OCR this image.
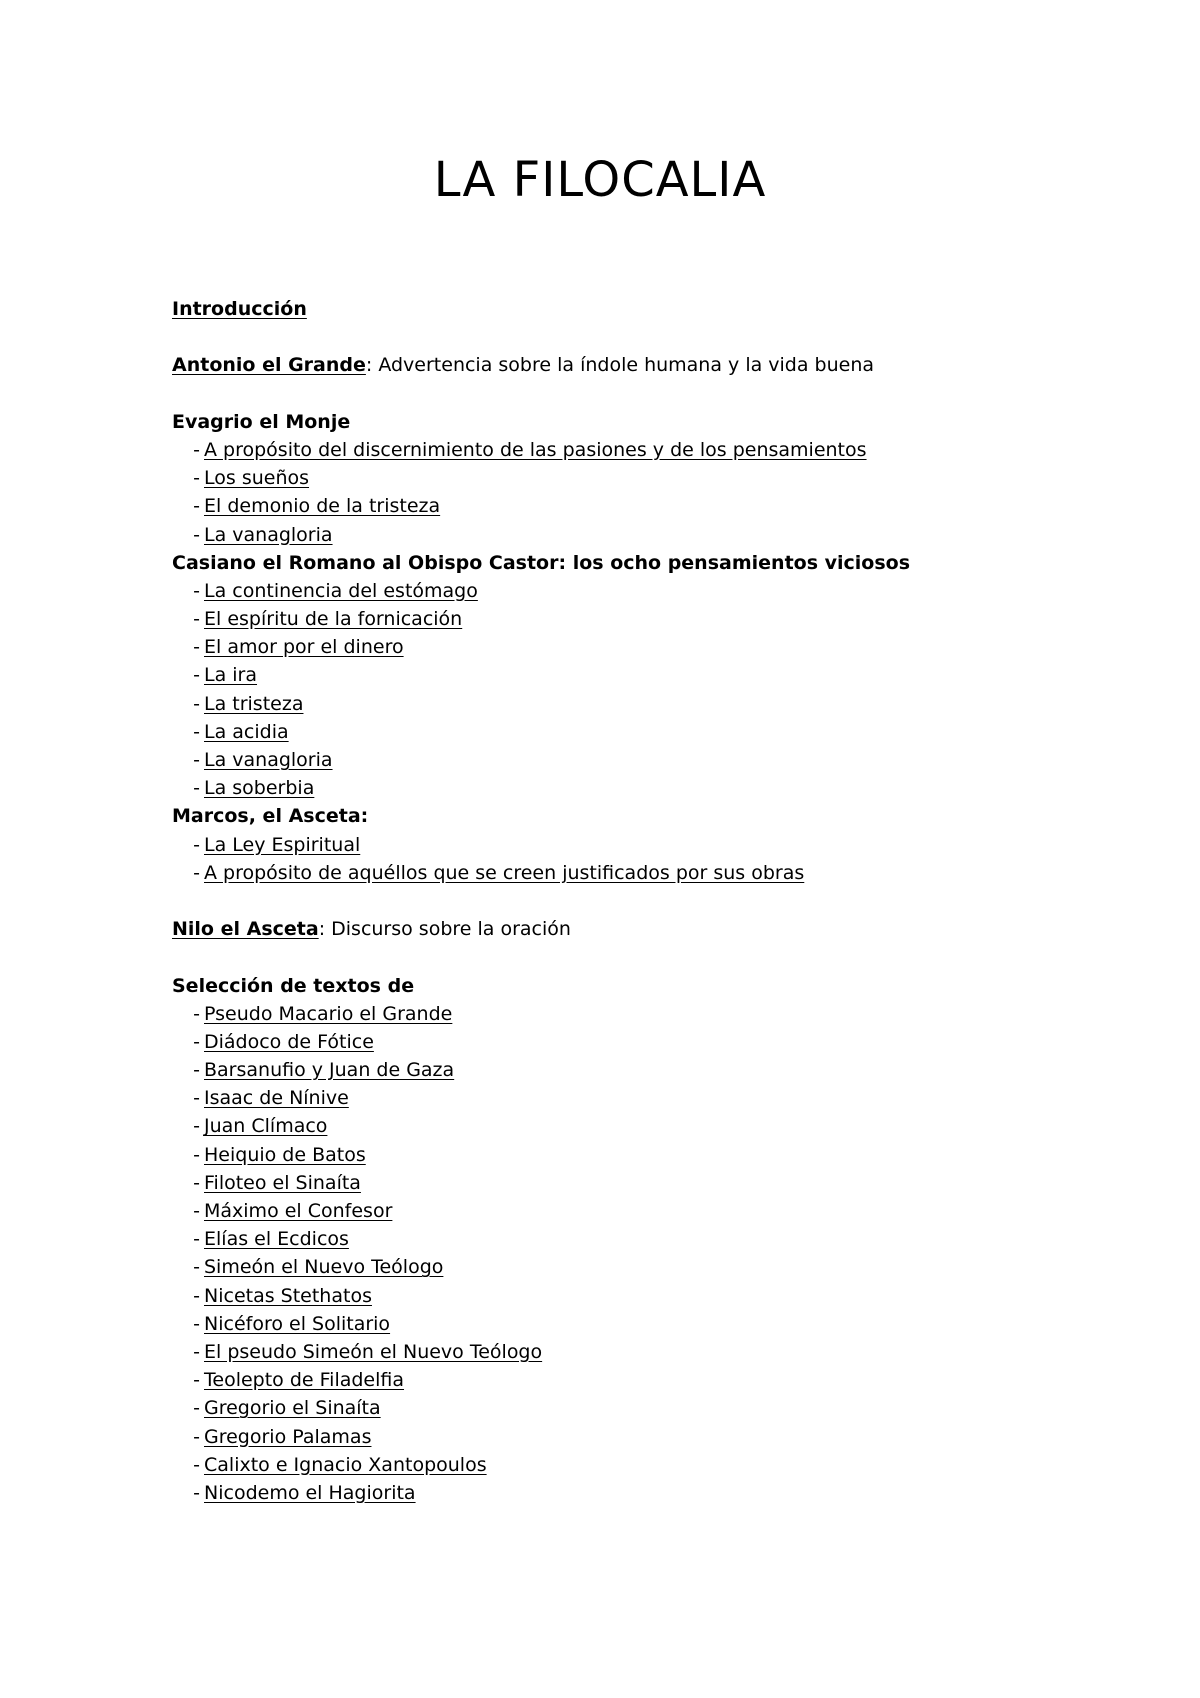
LA FILOCALIA
Introducción
Antonio el Grande: Advertencia sobre la índole humana y la vida buena
Evagrio el Monje
- A propósito del discernimiento de las pasiones y de los pensamientos
- Los sueños
- El demonio de la tristeza
- La vanagloria
Casiano el Romano al Obispo Castor: los ocho pensamientos viciosos
- La continencia del estómago
- El espíritu de la fornicación
- El amor por el dinero
- La ira
- La tristeza
- La acidia
- La vanagloria
- La soberbia
Marcos, el Asceta:
- La Ley Espiritual
- A propósito de aquéllos que se creen justificados por sus obras
Nilo el Asceta: Discurso sobre la oración
Selección de textos de
- Pseudo Macario el Grande
- Diádoco de Fótice
- Barsanufio y Juan de Gaza
- Isaac de Nínive
- Juan Clímaco
- Heiquio de Batos
- Filoteo el Sinaíta
- Máximo el Confesor
- Elías el Ecdicos
- Simeón el Nuevo Teólogo
- Nicetas Stethatos
- Nicéforo el Solitario
- El pseudo Simeón el Nuevo Teólogo
- Teolepto de Filadelfia
- Gregorio el Sinaíta
- Gregorio Palamas
- Calixto e Ignacio Xantopoulos
- Nicodemo el Hagiorita
